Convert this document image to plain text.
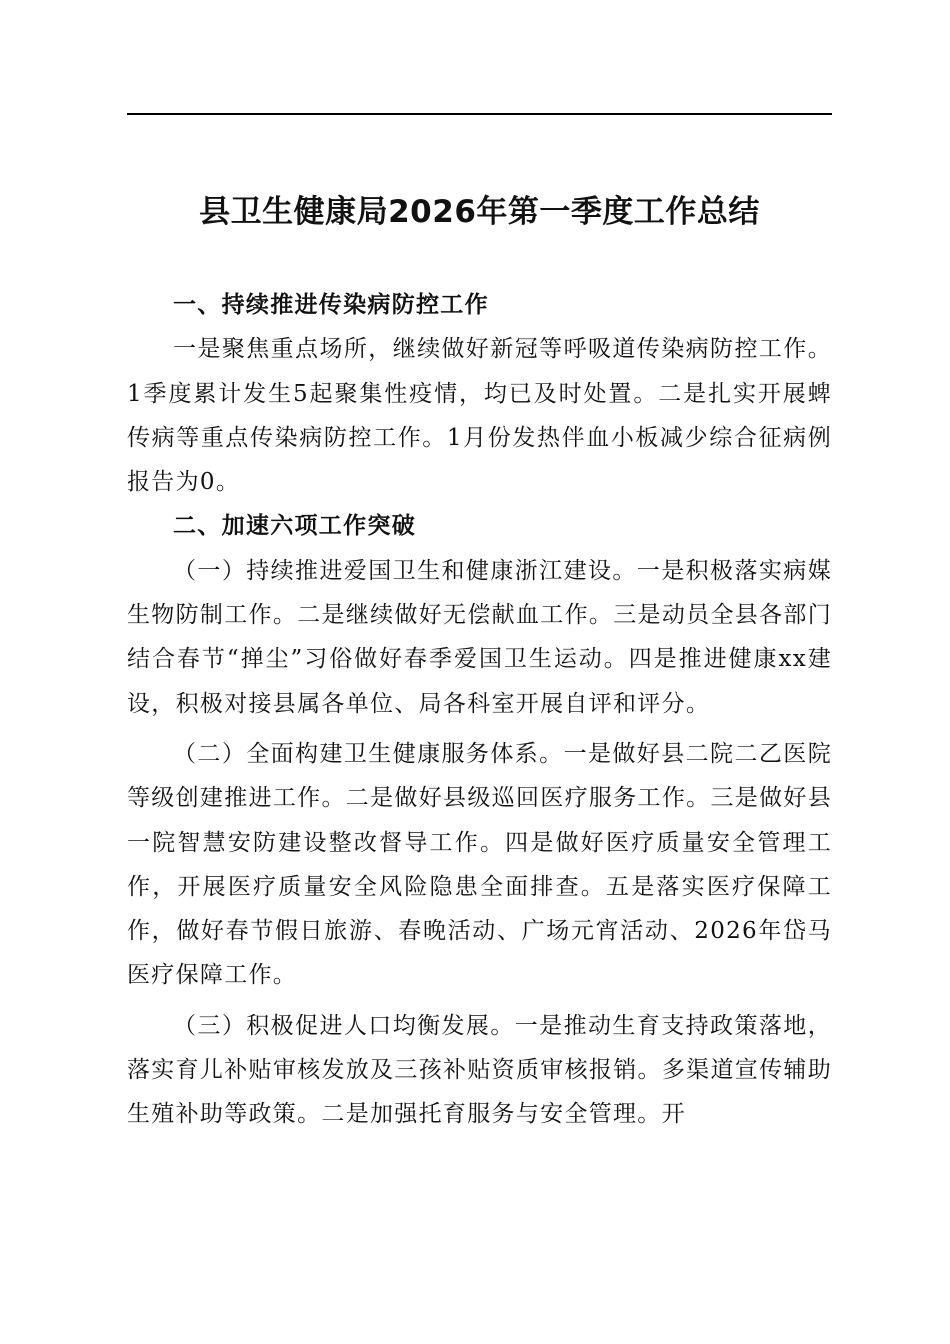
县卫生健康局2026年第一季度工作总结
一、持续推进传染病防控工作

一是聚焦重点场所，继续做好新冠等呼吸道传染病防控工作。1季度累计发生5起聚集性疫情，均已及时处置。二是扎实开展蜱传病等重点传染病防控工作。1月份发热伴血小板减少综合征病例报告为0。

二、加速六项工作突破

（一）持续推进爱国卫生和健康浙江建设。一是积极落实病媒生物防制工作。二是继续做好无偿献血工作。三是动员全县各部门结合春节“掸尘”习俗做好春季爱国卫生运动。四是推进健康xx建设，积极对接县属各单位、局各科室开展自评和评分。

（二）全面构建卫生健康服务体系。一是做好县二院二乙医院等级创建推进工作。二是做好县级巡回医疗服务工作。三是做好县一院智慧安防建设整改督导工作。四是做好医疗质量安全管理工作，开展医疗质量安全风险隐患全面排查。五是落实医疗保障工作，做好春节假日旅游、春晚活动、广场元宵活动、2026年岱马医疗保障工作。

（三）积极促进人口均衡发展。一是推动生育支持政策落地，落实育儿补贴审核发放及三孩补贴资质审核报销。多渠道宣传辅助生殖补助等政策。二是加强托育服务与安全管理。开
